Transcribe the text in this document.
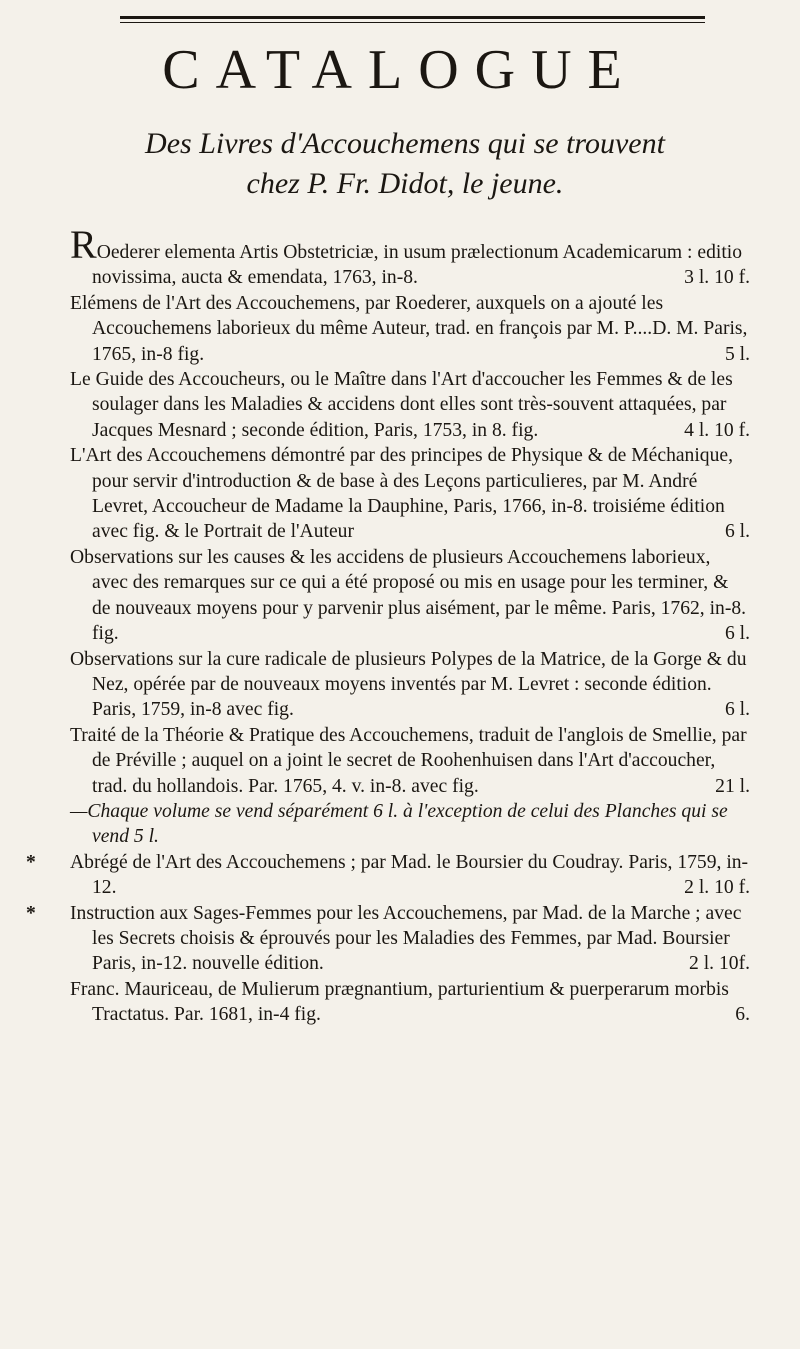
CATALOGUE
Des Livres d'Accouchemens qui se trouvent
chez P. Fr. Didot, le jeune.

ROederer elementa Artis Obstetriciæ, in usum prælectionum Academicarum : editio novissima, aucta & emendata, 1763, in-8.	3 l. 10 f.

Elémens de l'Art des Accouchemens, par Roederer, auxquels on a ajouté les Accouchemens laborieux du même Auteur, trad. en françois par M. P....D. M. Paris, 1765, in-8 fig.	5 l.

Le Guide des Accoucheurs, ou le Maître dans l'Art d'accoucher les Femmes & de les soulager dans les Maladies & accidens dont elles sont très-souvent attaquées, par Jacques Mesnard ; seconde édition, Paris, 1753, in 8. fig.	4 l. 10 f.

L'Art des Accouchemens démontré par des principes de Physique & de Méchanique, pour servir d'introduction & de base à des Leçons particulieres, par M. André Levret, Accoucheur de Madame la Dauphine, Paris, 1766, in-8. troisiéme édition avec fig. & le Portrait de l'Auteur	6 l.

Observations sur les causes & les accidens de plusieurs Accouchemens laborieux, avec des remarques sur ce qui a été proposé ou mis en usage pour les terminer, & de nouveaux moyens pour y parvenir plus aisément, par le même. Paris, 1762, in-8. fig.	6 l.

Observations sur la cure radicale de plusieurs Polypes de la Matrice, de la Gorge & du Nez, opérée par de nouveaux moyens inventés par M. Levret : seconde édition. Paris, 1759, in-8 avec fig.	6 l.

Traité de la Théorie & Pratique des Accouchemens, traduit de l'anglois de Smellie, par de Préville ; auquel on a joint le secret de Roohenhuisen dans l'Art d'accoucher, trad. du hollandois. Par. 1765, 4. v. in-8. avec fig.	21 l.

—Chaque volume se vend séparément 6 l. à l'exception de celui des Planches qui se vend 5 l.

*	Abrégé de l'Art des Accouchemens ; par Mad. le Boursier du Coudray. Paris, 1759, in-12.	2 l. 10 f.

*	Instruction aux Sages-Femmes pour les Accouchemens, par Mad. de la Marche ; avec les Secrets choisis & éprouvés pour les Maladies des Femmes, par Mad. Boursier Paris, in-12. nouvelle édition.	2 l. 10f.

Franc. Mauriceau, de Mulierum prægnantium, parturientium & puerperarum morbis Tractatus. Par. 1681, in-4 fig.	6.
